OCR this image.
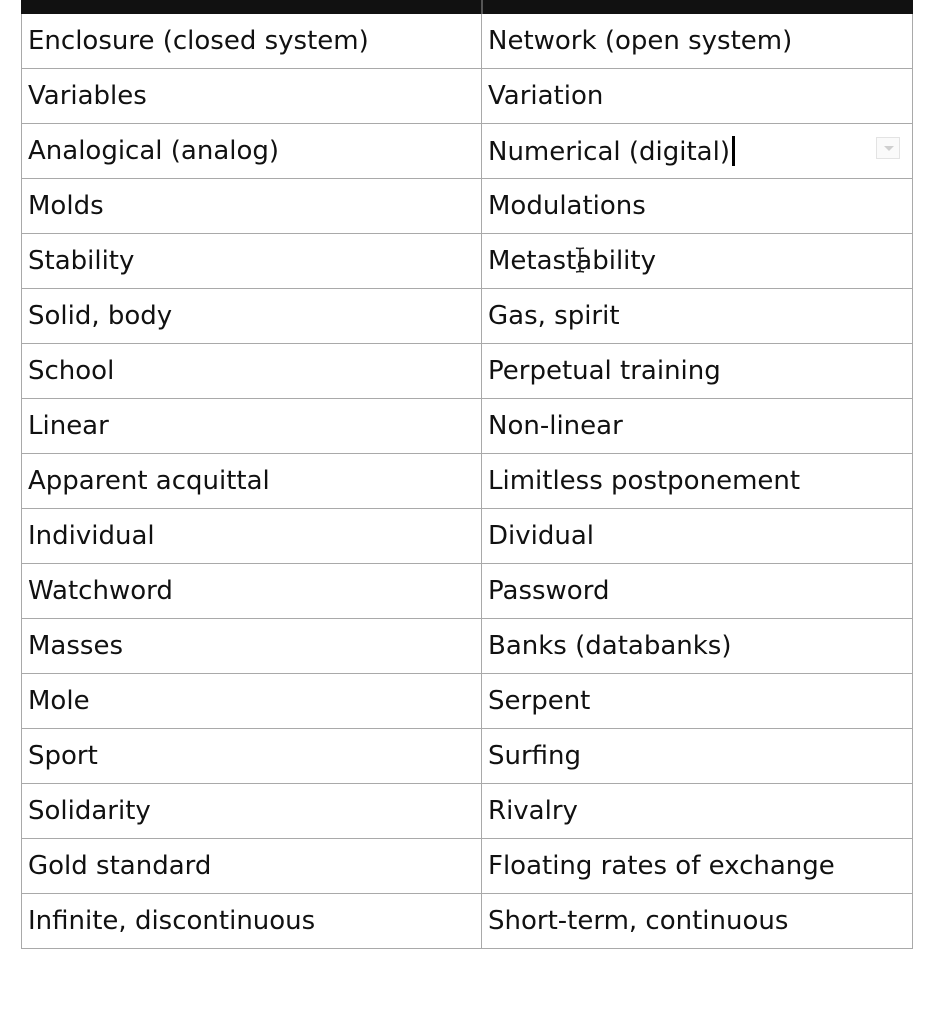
Enclosure (closed system)	Network (open system)
Variables	Variation
Analogical (analog)	Numerical (digital)

Molds	Modulations
Stability	Metastability

Solid, body	Gas, spirit
School	Perpetual training
Linear	Non-linear
Apparent acquittal	Limitless postponement
Individual	Dividual
Watchword	Password
Masses	Banks (databanks)
Mole	Serpent
Sport	Surfing
Solidarity	Rivalry
Gold standard	Floating rates of exchange
Infinite, discontinuous	Short-term, continuous
